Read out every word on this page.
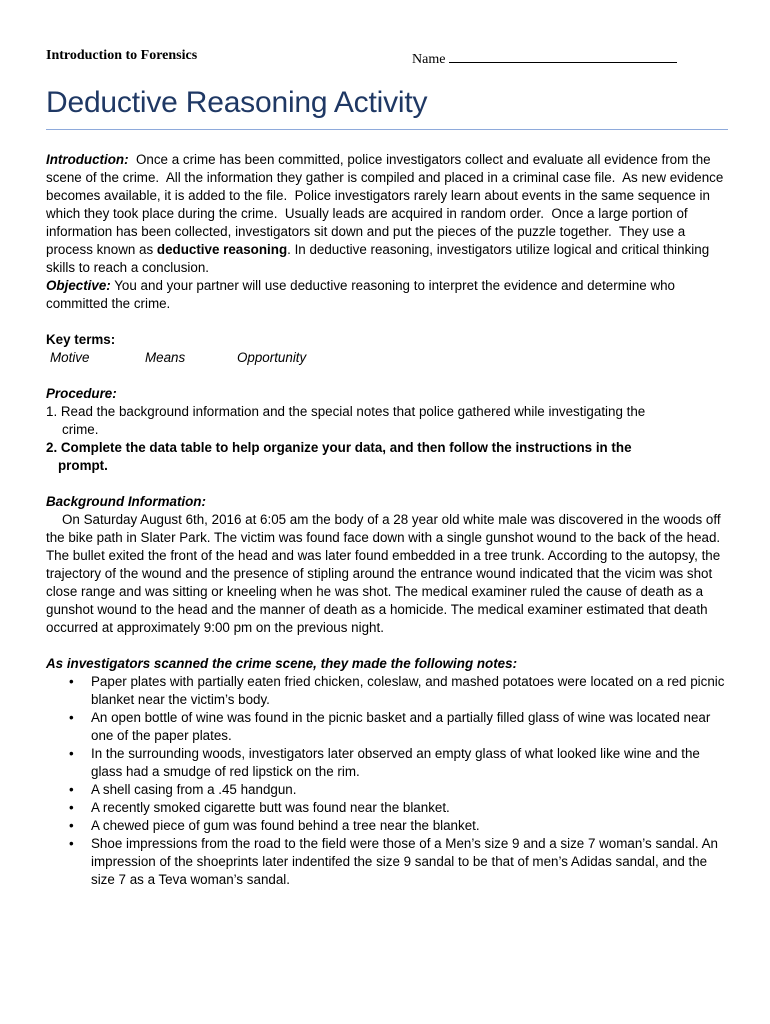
Introduction to Forensics	Name
Deductive Reasoning Activity

Introduction:  Once a crime has been committed, police investigators collect and evaluate all evidence from the scene of the crime.  All the information they gather is compiled and placed in a criminal case file.  As new evidence becomes available, it is added to the file.  Police investigators rarely learn about events in the same sequence in which they took place during the crime.  Usually leads are acquired in random order.  Once a large portion of information has been collected, investigators sit down and put the pieces of the puzzle together.  They use a process known as deductive reasoning. In deductive reasoning, investigators utilize logical and critical thinking skills to reach a conclusion.

Objective: You and your partner will use deductive reasoning to interpret the evidence and determine who committed the crime.

Key terms:

Motive	Means	Opportunity

Procedure:

1. Read the background information and the special notes that police gathered while investigating the

crime.

2. Complete the data table to help organize your data, and then follow the instructions in the

prompt.

Background Information:

On Saturday August 6th, 2016 at 6:05 am the body of a 28 year old white male was discovered in the woods off the bike path in Slater Park. The victim was found face down with a single gunshot wound to the back of the head. The bullet exited the front of the head and was later found embedded in a tree trunk. According to the autopsy, the trajectory of the wound and the presence of stipling around the entrance wound indicated that the vicim was shot close range and was sitting or kneeling when he was shot. The medical examiner ruled the cause of death as a gunshot wound to the head and the manner of death as a homicide. The medical examiner estimated that death occurred at approximately 9:00 pm on the previous night.

As investigators scanned the crime scene, they made the following notes:

• Paper plates with partially eaten fried chicken, coleslaw, and mashed potatoes were located on a red picnic blanket near the victim’s body.
• An open bottle of wine was found in the picnic basket and a partially filled glass of wine was located near one of the paper plates.
• In the surrounding woods, investigators later observed an empty glass of what looked like wine and the glass had a smudge of red lipstick on the rim.
• A shell casing from a .45 handgun.
• A recently smoked cigarette butt was found near the blanket.
• A chewed piece of gum was found behind a tree near the blanket.
• Shoe impressions from the road to the field were those of a Men’s size 9 and a size 7 woman’s sandal. An impression of the shoeprints later indentifed the size 9 sandal to be that of men’s Adidas sandal, and the size 7 as a Teva woman’s sandal.
